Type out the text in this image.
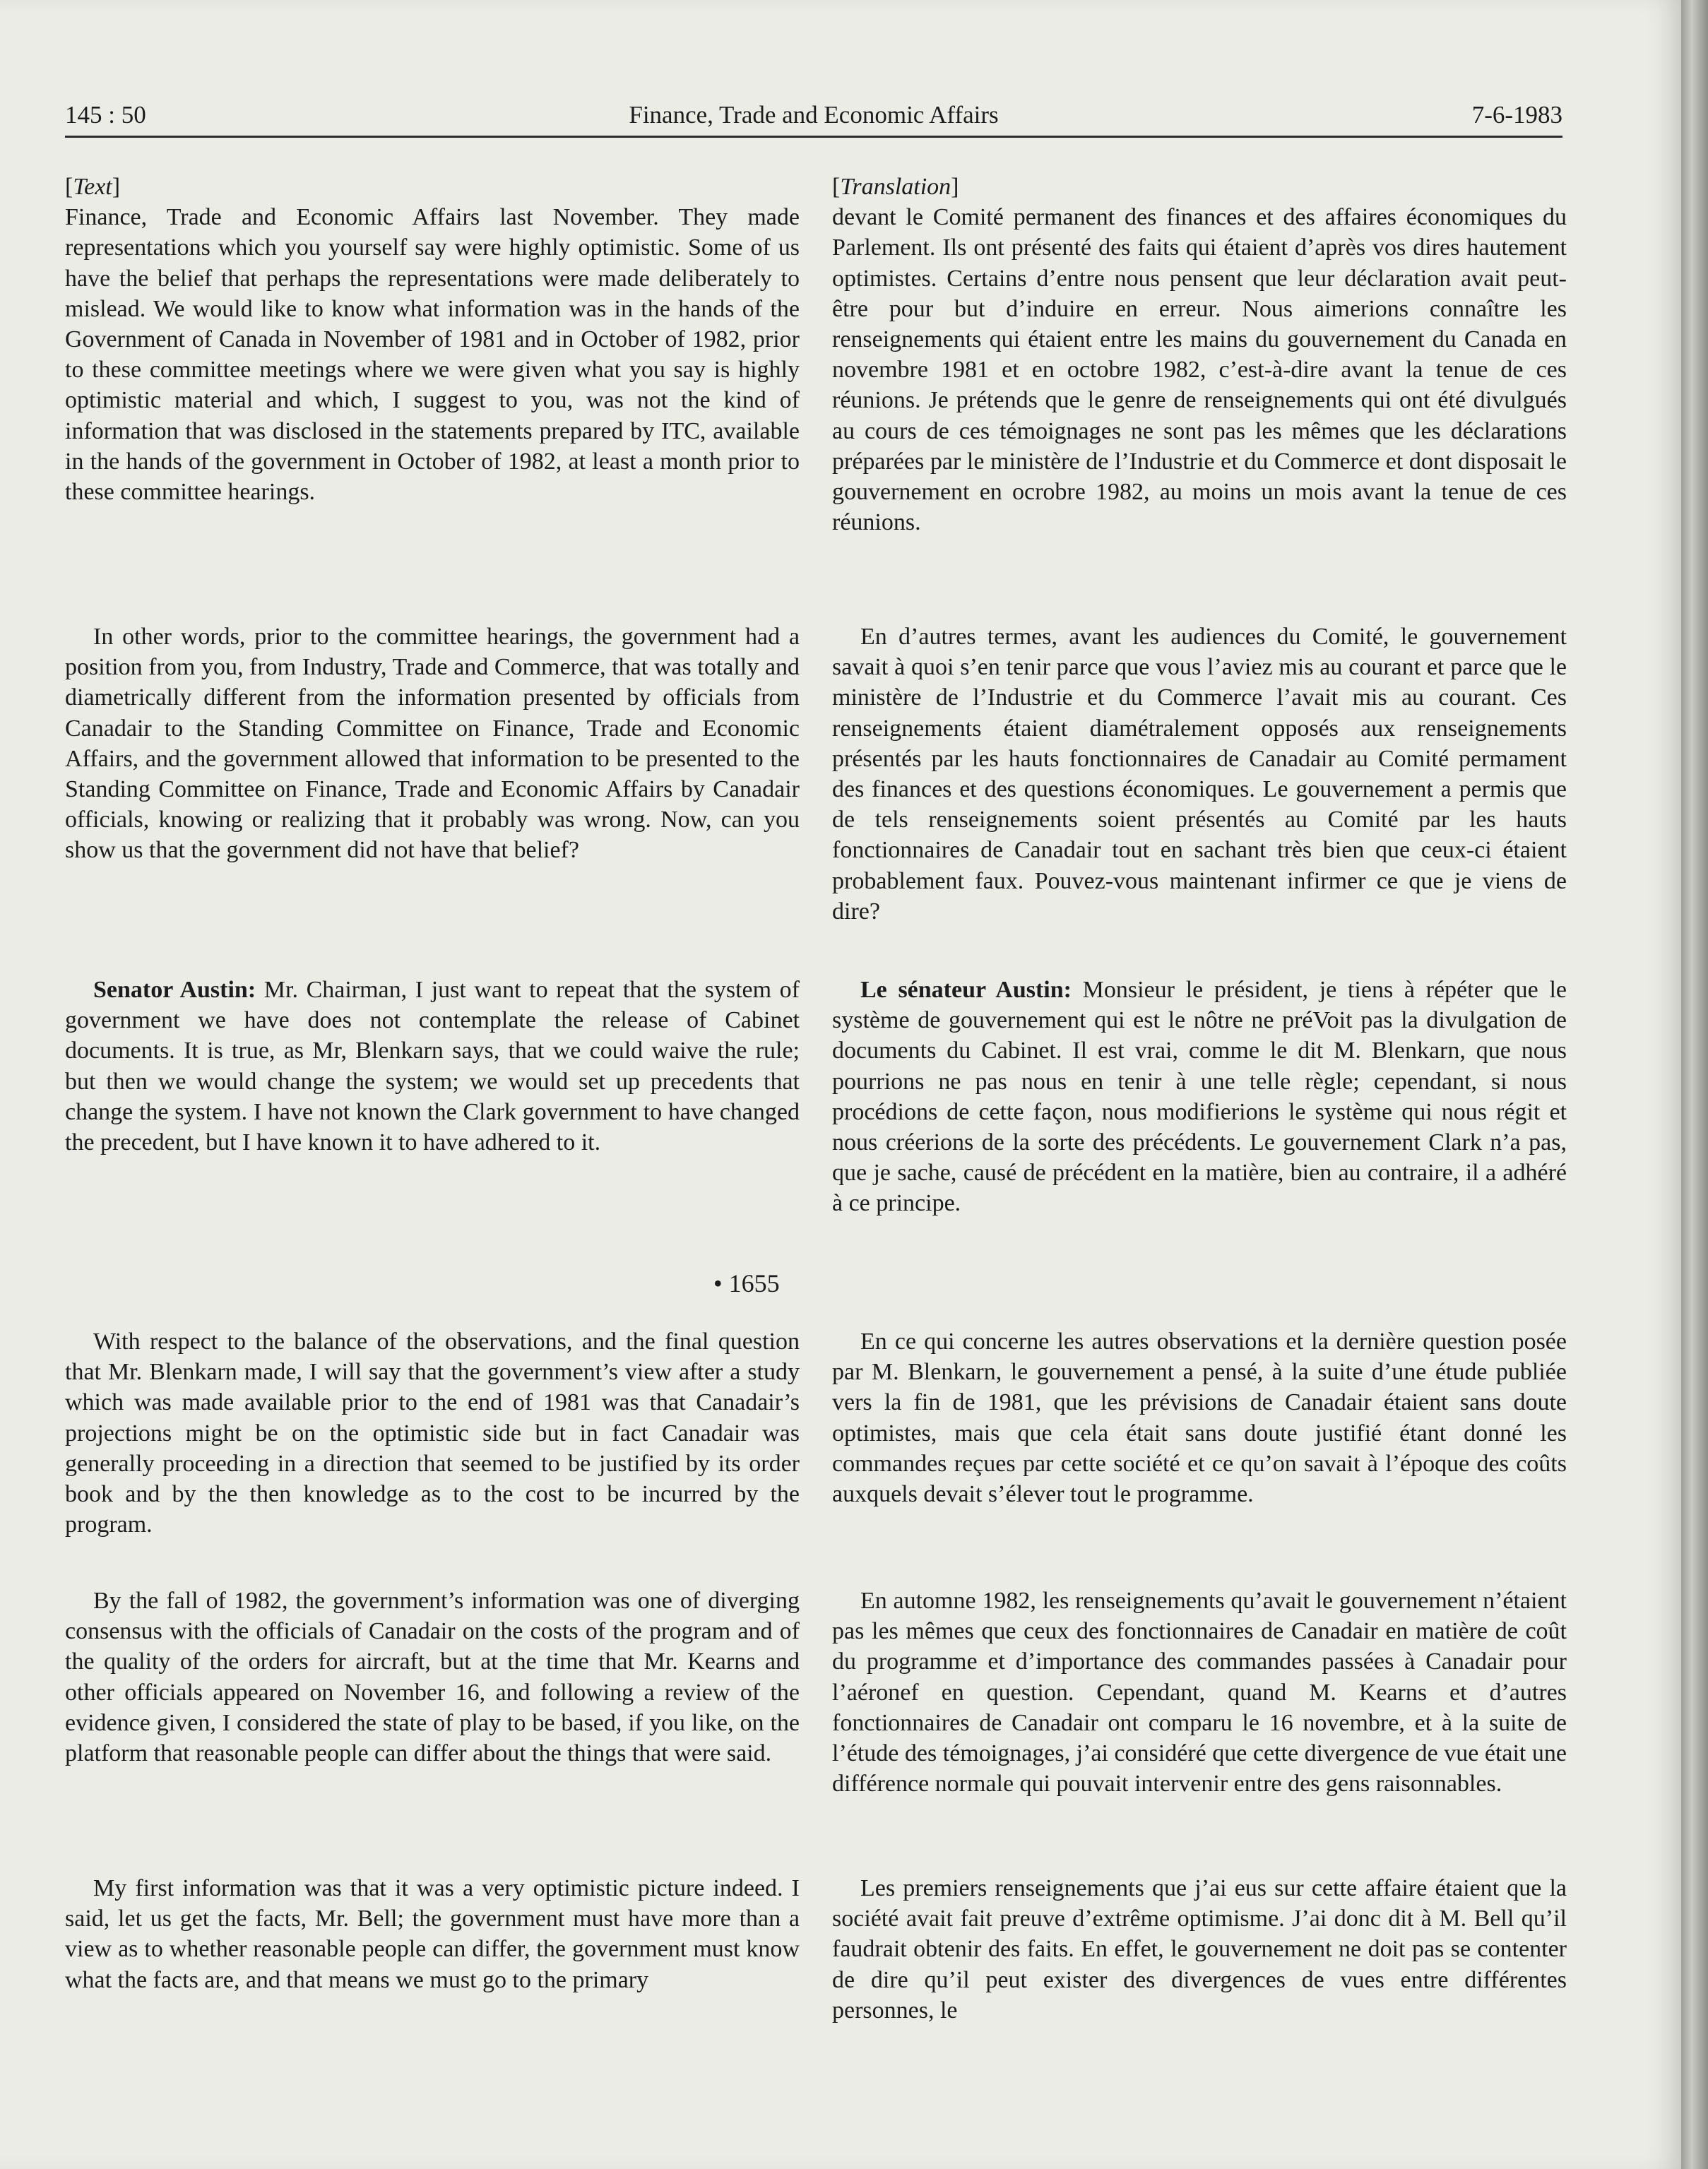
145 : 50	Finance, Trade and Economic Affairs	7-6-1983

[Text]

Finance, Trade and Economic Affairs last November. They made representations which you yourself say were highly optimistic. Some of us have the belief that perhaps the representations were made deliberately to mislead. We would like to know what information was in the hands of the Government of Canada in November of 1981 and in October of 1982, prior to these committee meetings where we were given what you say is highly optimistic material and which, I suggest to you, was not the kind of information that was disclosed in the statements prepared by ITC, available in the hands of the government in October of 1982, at least a month prior to these committee hearings.

In other words, prior to the committee hearings, the government had a position from you, from Industry, Trade and Commerce, that was totally and diametrically different from the information presented by officials from Canadair to the Standing Committee on Finance, Trade and Economic Affairs, and the government allowed that information to be presented to the Standing Committee on Finance, Trade and Economic Affairs by Canadair officials, knowing or realizing that it probably was wrong. Now, can you show us that the government did not have that belief?

Senator Austin: Mr. Chairman, I just want to repeat that the system of government we have does not contemplate the release of Cabinet documents. It is true, as Mr, Blenkarn says, that we could waive the rule; but then we would change the system; we would set up precedents that change the system. I have not known the Clark government to have changed the precedent, but I have known it to have adhered to it.

• 1655

With respect to the balance of the observations, and the final question that Mr. Blenkarn made, I will say that the government’s view after a study which was made available prior to the end of 1981 was that Canadair’s projections might be on the optimistic side but in fact Canadair was generally proceeding in a direction that seemed to be justified by its order book and by the then knowledge as to the cost to be incurred by the program.

By the fall of 1982, the government’s information was one of diverging consensus with the officials of Canadair on the costs of the program and of the quality of the orders for aircraft, but at the time that Mr. Kearns and other officials appeared on November 16, and following a review of the evidence given, I considered the state of play to be based, if you like, on the platform that reasonable people can differ about the things that were said.

My first information was that it was a very optimistic picture indeed. I said, let us get the facts, Mr. Bell; the government must have more than a view as to whether reasonable people can differ, the government must know what the facts are, and that means we must go to the primary

[Translation]

devant le Comité permanent des finances et des affaires économiques du Parlement. Ils ont présenté des faits qui étaient d’après vos dires hautement optimistes. Certains d’entre nous pensent que leur déclaration avait peut-être pour but d’induire en erreur. Nous aimerions connaître les renseignements qui étaient entre les mains du gouvernement du Canada en novembre 1981 et en octobre 1982, c’est-à-dire avant la tenue de ces réunions. Je prétends que le genre de renseignements qui ont été divulgués au cours de ces témoignages ne sont pas les mêmes que les déclarations préparées par le ministère de l’Industrie et du Commerce et dont disposait le gouvernement en ocrobre 1982, au moins un mois avant la tenue de ces réunions.

En d’autres termes, avant les audiences du Comité, le gouvernement savait à quoi s’en tenir parce que vous l’aviez mis au courant et parce que le ministère de l’Industrie et du Commerce l’avait mis au courant. Ces renseignements étaient diamétralement opposés aux renseignements présentés par les hauts fonctionnaires de Canadair au Comité permament des finances et des questions économiques. Le gouvernement a permis que de tels renseignements soient présentés au Comité par les hauts fonctionnaires de Canadair tout en sachant très bien que ceux-ci étaient probablement faux. Pouvez-vous maintenant infirmer ce que je viens de dire?

Le sénateur Austin: Monsieur le président, je tiens à répéter que le système de gouvernement qui est le nôtre ne préVoit pas la divulgation de documents du Cabinet. Il est vrai, comme le dit M. Blenkarn, que nous pourrions ne pas nous en tenir à une telle règle; cependant, si nous procédions de cette façon, nous modifierions le système qui nous régit et nous créerions de la sorte des précédents. Le gouvernement Clark n’a pas, que je sache, causé de précédent en la matière, bien au contraire, il a adhéré à ce principe.

En ce qui concerne les autres observations et la dernière question posée par M. Blenkarn, le gouvernement a pensé, à la suite d’une étude publiée vers la fin de 1981, que les prévisions de Canadair étaient sans doute optimistes, mais que cela était sans doute justifié étant donné les commandes reçues par cette société et ce qu’on savait à l’époque des coûts auxquels devait s’élever tout le programme.

En automne 1982, les renseignements qu’avait le gouvernement n’étaient pas les mêmes que ceux des fonctionnaires de Canadair en matière de coût du programme et d’importance des commandes passées à Canadair pour l’aéronef en question. Cependant, quand M. Kearns et d’autres fonctionnaires de Canadair ont comparu le 16 novembre, et à la suite de l’étude des témoignages, j’ai considéré que cette divergence de vue était une différence normale qui pouvait intervenir entre des gens raisonnables.

Les premiers renseignements que j’ai eus sur cette affaire étaient que la société avait fait preuve d’extrême optimisme. J’ai donc dit à M. Bell qu’il faudrait obtenir des faits. En effet, le gouvernement ne doit pas se contenter de dire qu’il peut exister des divergences de vues entre différentes personnes, le
